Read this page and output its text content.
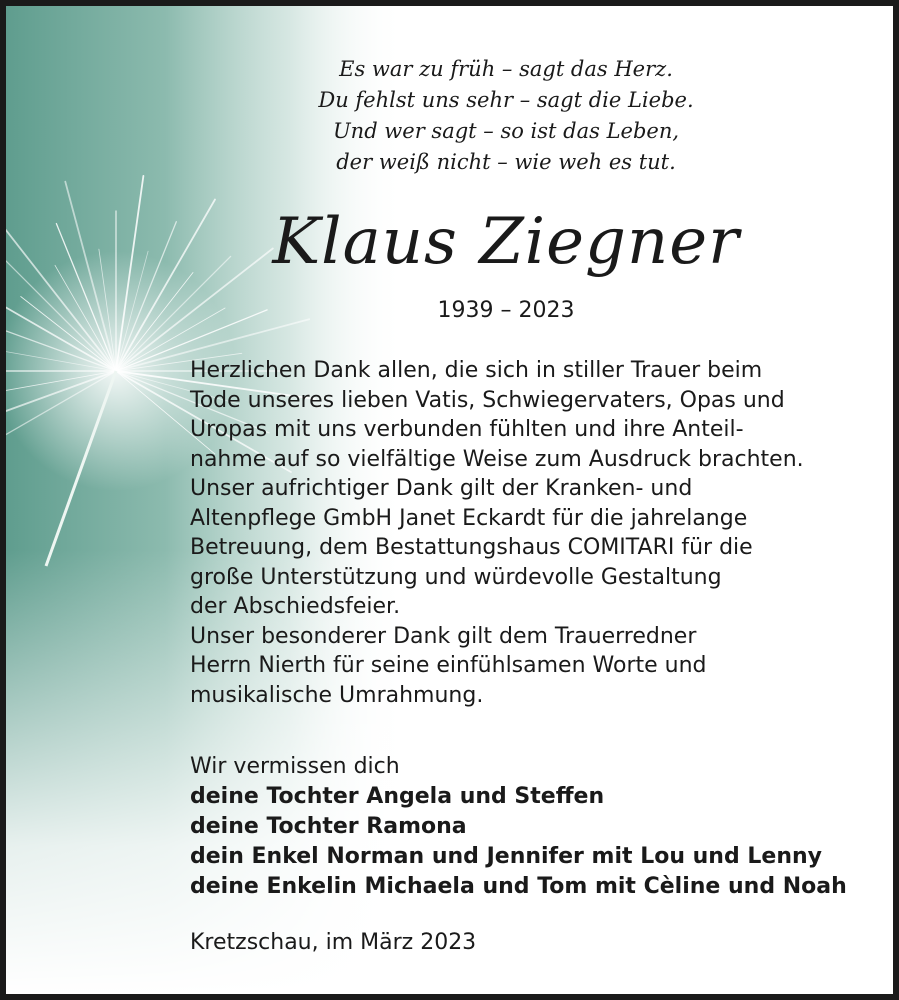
Es war zu früh – sagt das Herz.
Du fehlst uns sehr – sagt die Liebe.
Und wer sagt – so ist das Leben,
der weiß nicht – wie weh es tut.
Klaus Ziegner
1939 – 2023
Herzlichen Dank allen, die sich in stiller Trauer beim
Tode unseres lieben Vatis, Schwiegervaters, Opas und
Uropas mit uns verbunden fühlten und ihre Anteil-
nahme auf so vielfältige Weise zum Ausdruck brachten.
Unser aufrichtiger Dank gilt der Kranken- und
Altenpflege GmbH Janet Eckardt für die jahrelange
Betreuung, dem Bestattungshaus COMITARI für die
große Unterstützung und würdevolle Gestaltung
der Abschiedsfeier.
Unser besonderer Dank gilt dem Trauerredner
Herrn Nierth für seine einfühlsamen Worte und
musikalische Umrahmung.
Wir vermissen dich
deine Tochter Angela und Steffen
deine Tochter Ramona
dein Enkel Norman und Jennifer mit Lou und Lenny
deine Enkelin Michaela und Tom mit Cèline und Noah
Kretzschau, im März 2023
